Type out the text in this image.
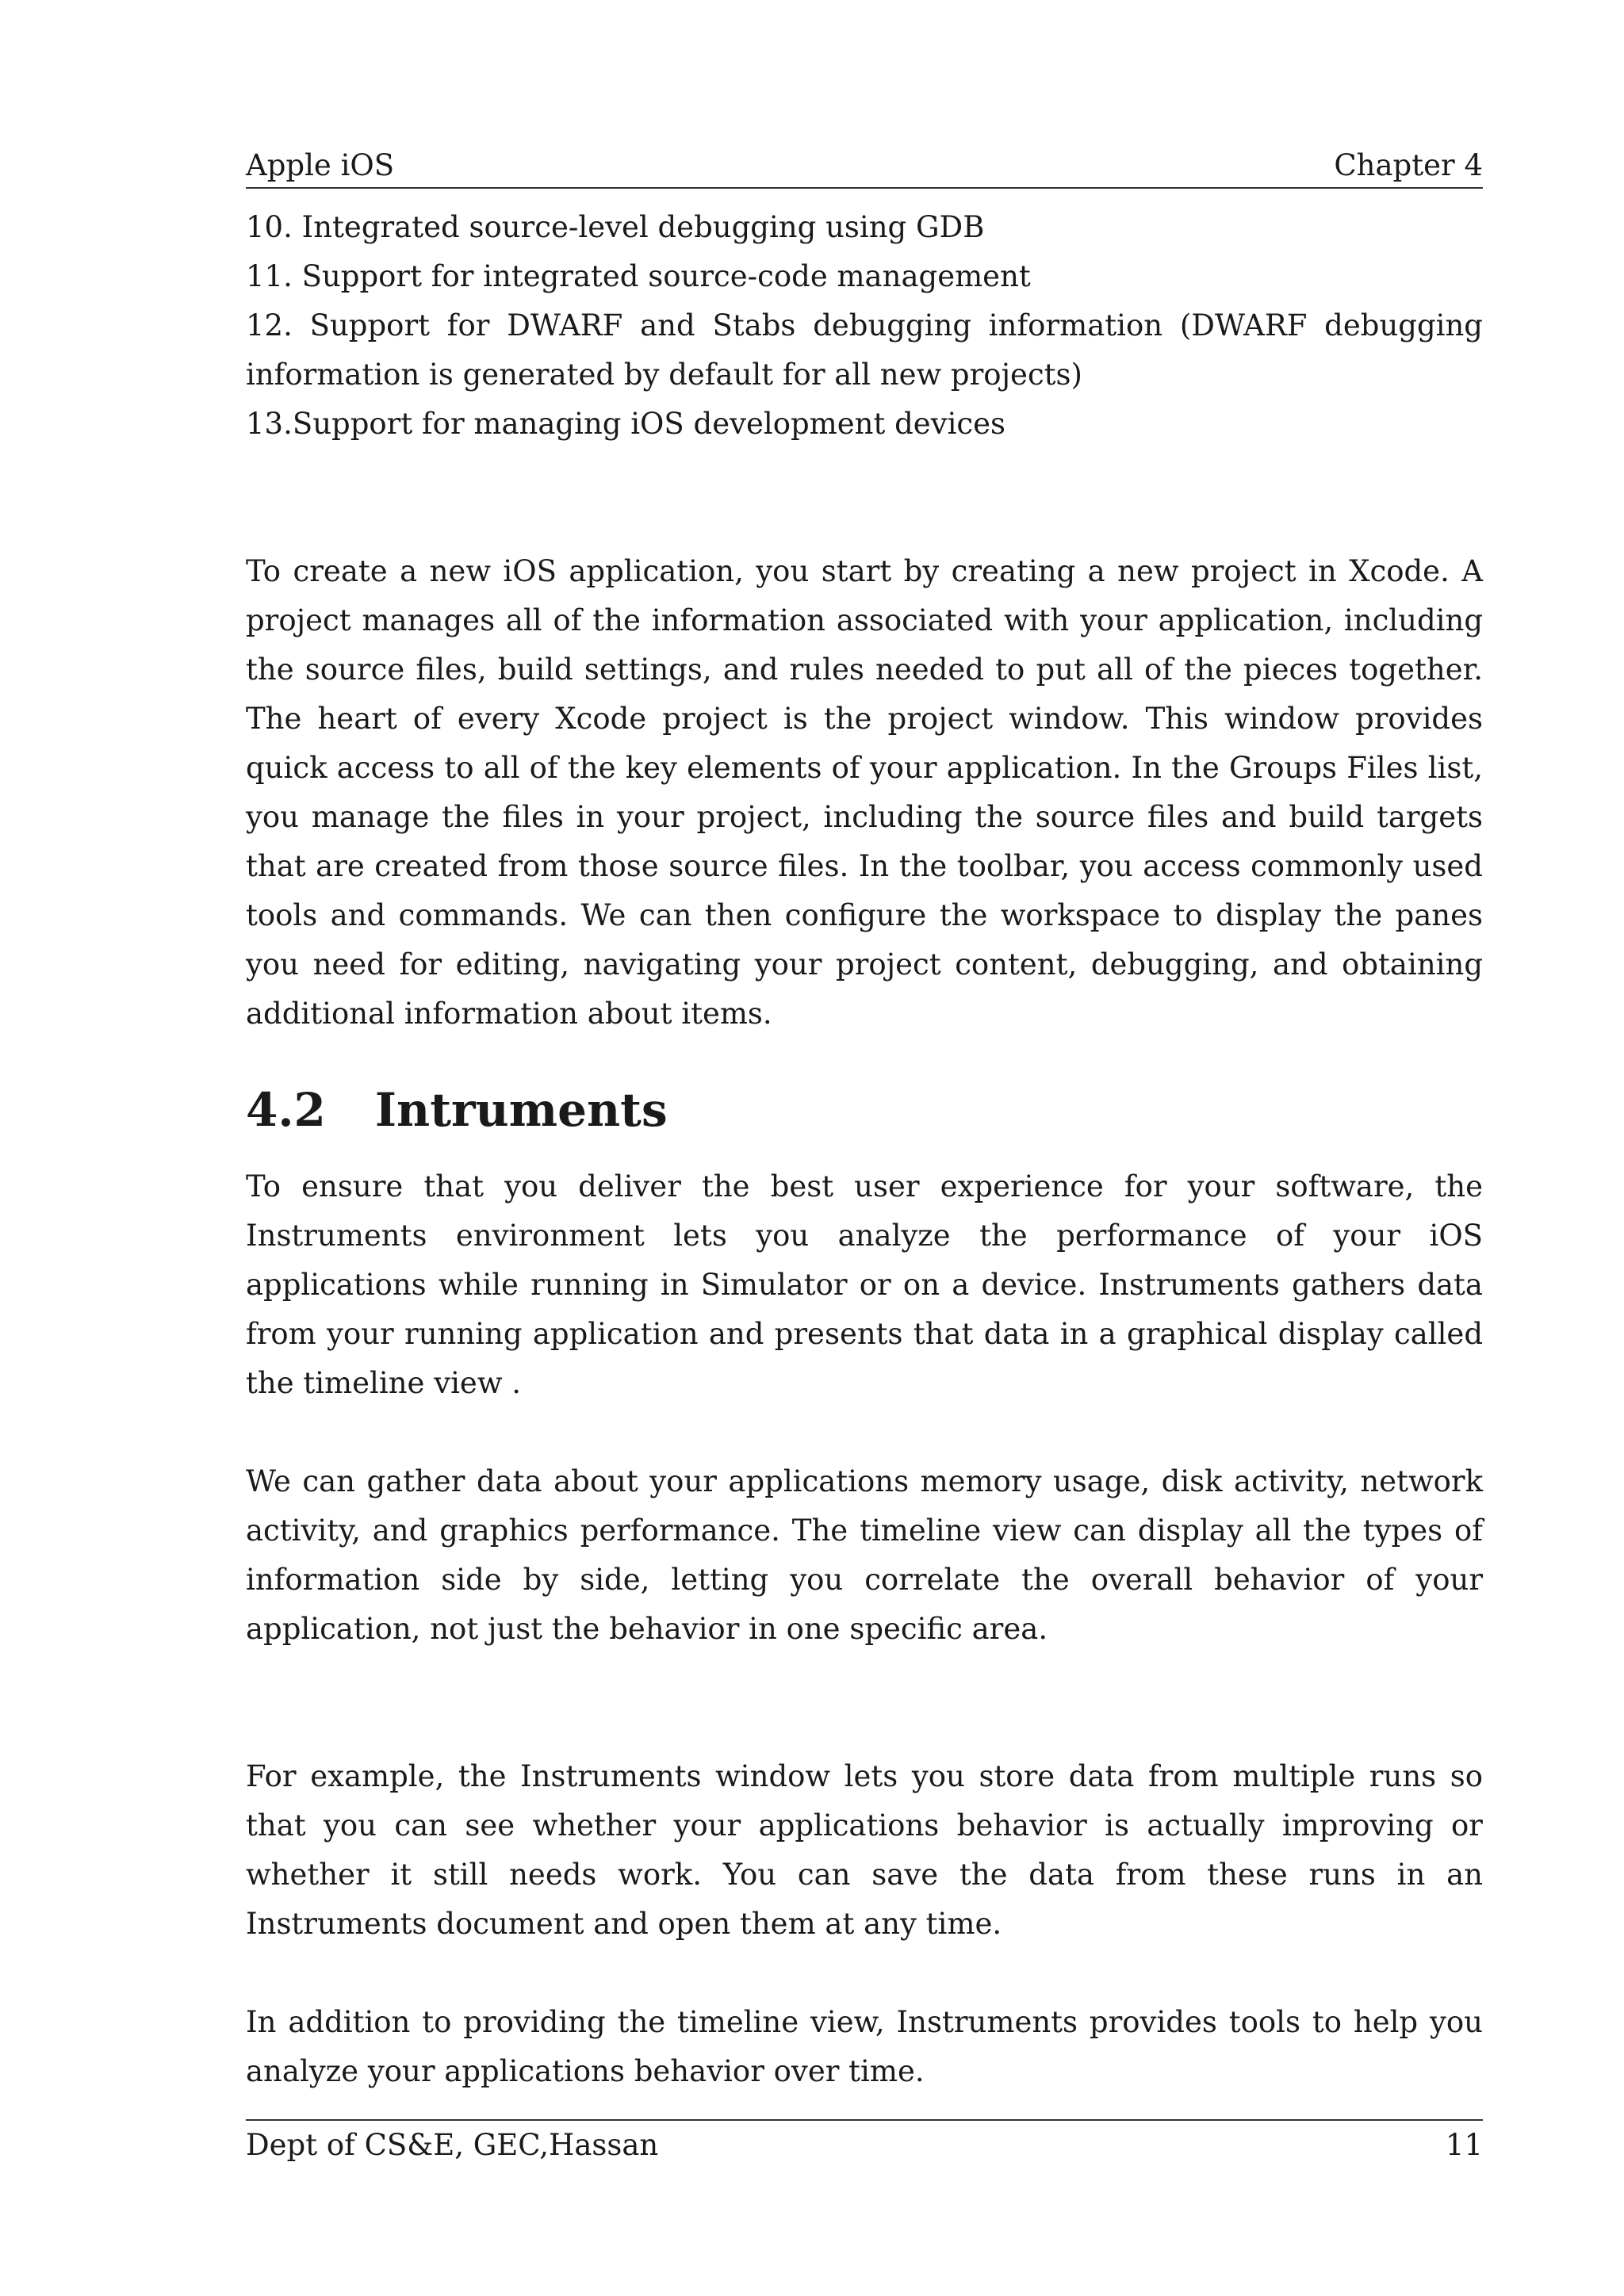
Apple iOS	Chapter 4

10. Integrated source-level debugging using GDB

11. Support for integrated source-code management

12. Support for DWARF and Stabs debugging information (DWARF debugging information is generated by default for all new projects)

13.Support for managing iOS development devices

To create a new iOS application, you start by creating a new project in Xcode. A project manages all of the information associated with your application, including the source files, build settings, and rules needed to put all of the pieces together. The heart of every Xcode project is the project window. This window provides quick access to all of the key elements of your application. In the Groups Files list, you manage the files in your project, including the source files and build targets that are created from those source files. In the toolbar, you access commonly used tools and commands. We can then configure the workspace to display the panes you need for editing, navigating your project content, debugging, and obtaining additional information about items.

4.2 Intruments

To ensure that you deliver the best user experience for your software, the Instruments environment lets you analyze the performance of your iOS applications while running in Simulator or on a device. Instruments gathers data from your running application and presents that data in a graphical display called the timeline view .

We can gather data about your applications memory usage, disk activity, network activity, and graphics performance. The timeline view can display all the types of information side by side, letting you correlate the overall behavior of your application, not just the behavior in one specific area.

For example, the Instruments window lets you store data from multiple runs so that you can see whether your applications behavior is actually improving or whether it still needs work. You can save the data from these runs in an Instruments document and open them at any time.

In addition to providing the timeline view, Instruments provides tools to help you analyze your applications behavior over time.

Dept of CS&E, GEC,Hassan	11
